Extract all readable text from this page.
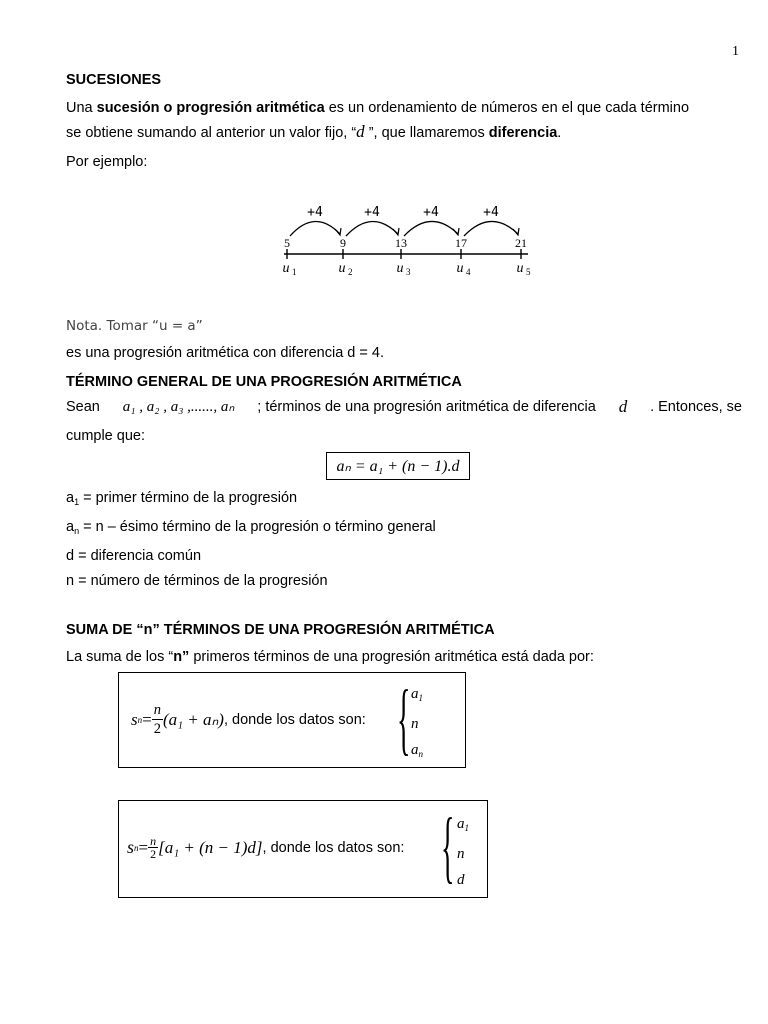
1
SUCESIONES
Una sucesión o progresión aritmética es un ordenamiento de números en el que cada término
se obtiene sumando al anterior un valor fijo, “d ”, que llamaremos diferencia.
Por ejemplo:
+4	+4	+4	+4
5	9	13	17	21
u 1	u 2	u 3	u 4	u 5
Nota. Tomar “u = a”
es una progresión aritmética con diferencia d = 4.
TÉRMINO GENERAL DE UNA PROGRESIÓN ARITMÉTICA
Sean a₁ , a₂ , a₃ ,......, aₙ ; términos de una progresión aritmética de diferencia d . Entonces, se
cumple que:
aₙ = a₁ + (n − 1).d
$a_1$ = primer término de la progresión
$a_n = n$ – ésimo término de la progresión o término general
d = diferencia común
n = número de términos de la progresión
SUMA DE “n” TÉRMINOS DE UNA PROGRESIÓN ARITMÉTICA
La suma de los “n” primeros términos de una progresión aritmética está dada por:
s $n = \frac{n}{2} (a_1 + a_n)$ , donde los datos son: { $a_1$
n
$a_n$
s $n = \frac{n}{2} [a_1 + (n - 1)d]$ , donde los datos son: { $a_1$
n
d
